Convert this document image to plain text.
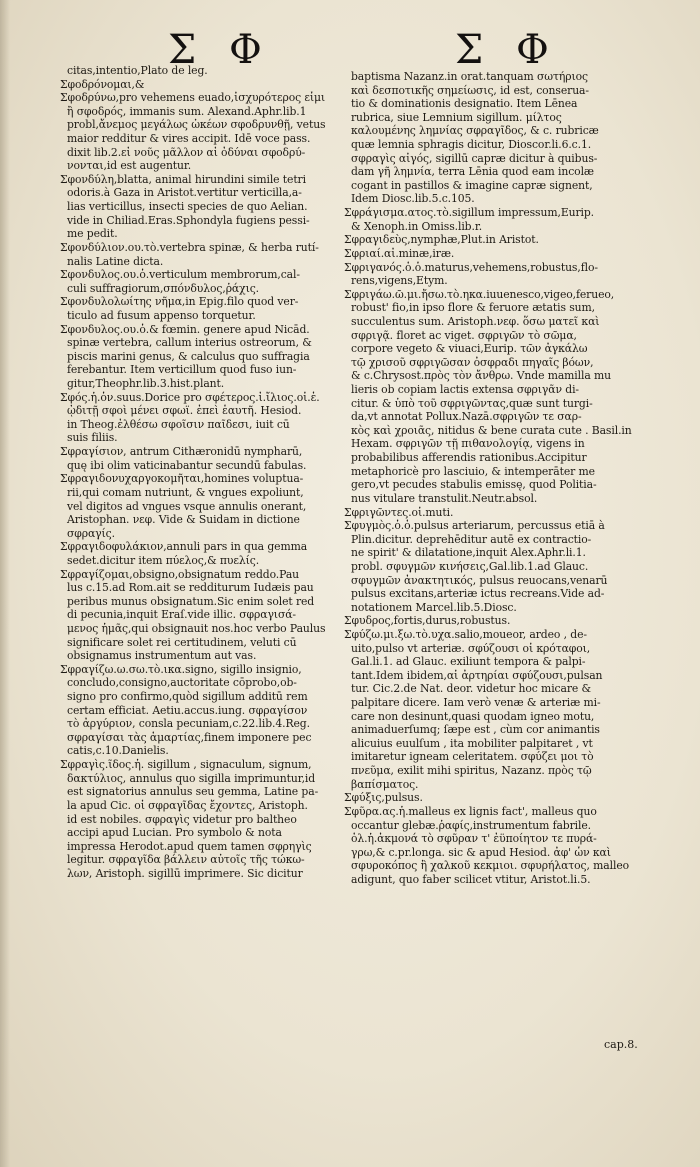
Σ Φ	Σ Φ
citas,intentio,Plato de leg.
Σφοδρόνομαι,&
Σφοδρύνω,pro vehemens euado,ἰσχυρότερος εἶμι
ἢ σφοδρός, immanis sum. Alexand.Aphr.lib.1
probl,ἄνεμος μεγάλως ὠκέων σφοδρυνθῇ, vetus
maior redditur & vires accipit. Idē voce pass.
dixit lib.2.εἰ νοῦς μᾶλλον αἱ ὀδύναι σφοδρύ-
νονται,id est augentur.
Σφονδύλη,blatta, animal hirundini simile tetri
odoris.à Gaza in Aristot.vertitur verticilla,a-
lias verticillus, insecti species de quo Aelian.
vide in Chiliad.Eras.Sphondyla fugiens pessi-
me pedit.
Σφονδύλιον.ου.τὸ.vertebra spinæ, & herba rutí-
nalis Latine dicta.
Σφονδυλος.ου.ὁ.verticulum membrorum,cal-
culi suffragiorum,σπόνδυλος,ῥάχις.
Σφονδυλολωίτης νῆμα,in Epig.filo quod ver-
ticulo ad fusum appenso torquetur.
Σφονδυλος.ου.ὁ.& fœmin. genere apud Nicād.
spinæ vertebra, callum interius ostreorum, &
piscis marini genus, & calculus quo suffragia
ferebantur. Item verticillum quod fuso iun-
gitur,Theophr.lib.3.hist.plant.
Σφός.ἡ.ὁν.suus.Dorice pro σφέτερος.ἰ.ἴλιος.οἱ.ἑ.
ᾠδιτῇ σφοὶ μένει σφωϊ. ἐπεὶ ἑαυτῆ. Hesiod.
in Theog.ἐλθέσω σφοῖσιν παῖδεσι, iuit cū
suis filiis.
Σφραγίσιον, antrum Cithæronidū nympharū,
quę ibi olim vaticinabantur secundū fabulas.
Σφραγιδονυχαργοκομῆται,homines voluptua-
rii,qui comam nutriunt, & vngues expoliunt,
vel digitos ad vngues vsque annulis onerant,
Aristophan. νεφ. Vide & Suidam in dictione
σφραγίς.
Σφραγιδοφυλάκιον,annuli pars in qua gemma
sedet.dicitur item πύελος,& πυελίς.
Σφραγίζομαι,obsigno,obsignatum reddo.Pau
lus c.15.ad Rom.ait se redditurum Iudæis pau
peribus munus obsignatum.Sic enim solet red
di pecunia,inquit Eraſ.vide illic. σφραγισά-
μενος ἡμᾶς,qui obsignauit nos.hoc verbo Paulus
significare solet rei certitudinem, veluti cū
obsignamus instrumentum aut vas.
Σφραγίζω.ω.σω.τὸ.ικα.signo, sigillo insignio,
concludo,consigno,auctoritate cōprobo,ob-
signo pro confirmo,quòd sigillum additū rem
certam efficiat. Aetiu.accus.iung. σφραγίσον
τὸ ἀργύριον, consla pecuniam,c.22.lib.4.Reg.
σφραγίσαι τὰς ἁμαρτίας,finem imponere pec
catis,c.10.Danielis.
Σφραγὶς.ῖδος.ἡ. sigillum , signaculum, signum,
δακτύλιος, annulus quo sigilla imprimuntur,id
est signatorius annulus seu gemma, Latine pa-
la apud Cic. οἱ σφραγῖδας ἔχοντες, Aristoph.
id est nobiles. σφραγὶς videtur pro baltheo
accipi apud Lucian. Pro symbolo & nota
impressa Herodot.apud quem tamen σφρηγὶς
legitur. σφραγῖδα βάλλειν αὐτοῖς τῆς τώκω-
λων, Aristoph. sigillū imprimere. Sic dicitur
baptisma Nazanz.in orat.tanquam σωτήριος
καὶ δεσποτικῆς σημείωσις, id est, conserua-
tio & dominationis designatio. Item Lēnea
rubrica, siue Lemnium sigillum. μίλτος
καλουμένης λημνίας σφραγῖδος, & c. rubricæ
quæ lemnia sphragis dicitur, Dioscor.li.6.c.1.
σφραγὶς αἰγός, sigillū capræ dicitur à quibus-
dam γῆ λημνία, terra Lēnia quod eam incolæ
cogant in pastillos & imagine capræ signent,
Idem Diosc.lib.5.c.105.
Σφράγισμα.ατος.τὸ.sigillum impressum,Eurip.
& Xenoph.in Omiss.lib.r.
Σφραγιδεὺς,nymphæ,Plut.in Aristot.
Σφριαί.αἰ.minæ,iræ.
Σφριγανός.ὁ.ὁ.maturus,vehemens,robustus,flo-
rens,vigens,Etym.
Σφριγάω.ῶ.μι.ἤσω.τὸ.ηκα.iuuenesco,vigeo,ferueo,
robust' fio,in ipso flore & feruore ætatis sum,
succulentus sum. Aristoph.νεφ. ὅσω ματεῖ καὶ
σφριγᾷ. floret ac viget. σφριγῶν τὸ σῶμα,
corpore vegeto & viuaci,Eurip. τῶν ἀγκάλω
τῷ χρισοῦ σφριγῶσαν ὀσφραδι πηγαῖς βόων,
& c.Chrysost.πρὸς τὸν ἄνθρω. Vnde mamilla mu
lieris ob copiam lactis extensa σφριγᾶν di-
citur. & ὑπὸ τοῦ σφριγῶντας,quæ sunt turgi-
da,vt annotat Pollux.Nazā.σφριγῶν τε σαρ-
κὸς καὶ χροιᾶς, nitidus & bene curata cute . Basil.in
Hexam. σφριγῶν τῇ πιθανολογίᾳ, vigens in
probabilibus afferendis rationibus.Accipitur
metaphoricè pro lasciuio, & intemperāter me
gero,vt pecudes stabulis emissę, quod Politia-
nus vitulare transtulit.Neutr.absol.
Σφριγῶντες.οἱ.muti.
Σφυγμὸς.ὁ.ὁ.pulsus arteriarum, percussus etiā à
Plin.dicitur. deprehēditur autē ex contractio-
ne spirit' & dilatatione,inquit Alex.Aphr.li.1.
probl. σφυγμῶν κινήσεις,Gal.lib.1.ad Glauc.
σφυγμῶν ἀνακτητικός, pulsus reuocans,venarū
pulsus excitans,arteriæ ictus recreans.Vide ad-
notationem Marcel.lib.5.Diosc.
Σφυδρος,fortis,durus,robustus.
Σφύζω.μι.ξω.τὸ.υχα.salio,moueor, ardeo , de-
uito,pulso vt arteriæ. σφύζουσι οἱ κρόταφοι,
Gal.li.1. ad Glauc. exiliunt tempora & palpi-
tant.Idem ibidem,αἱ ἀρτηρίαι σφύζουσι,pulsan
tur. Cic.2.de Nat. deor. videtur hoc micare &
palpitare dicere. Iam verò venæ & arteriæ mi-
care non desinunt,quasi quodam igneo motu,
animaduerſumq; ſæpe est , cùm cor animantis
alicuius euulſum , ita mobiliter palpitaret , vt
imitaretur igneam celeritatem. σφύζει μοι τὸ
πνεῦμα, exilit mihi spiritus, Nazanz. πρὸς τῷ
βαπίσματος.
Σφύξις,pulsus.
Σφῦρα.ας.ἡ.malleus ex lignis fact', malleus quo
occantur glebæ.ῥαφίς,instrumentum fabrile.
ὁλ.ἡ.ἀκμονά τὸ σφῦραν τ' ἐϋποίητον τε πυρά-
γρω,& c.pr.longa. sic & apud Hesiod. ἀφ' ὧν καὶ
σφυροκόπος ἢ χαλκοῦ κεκμιοι. σφυρήλατος, malleo
adigunt, quo faber scilicet vtitur, Aristot.li.5.
cap.8.
